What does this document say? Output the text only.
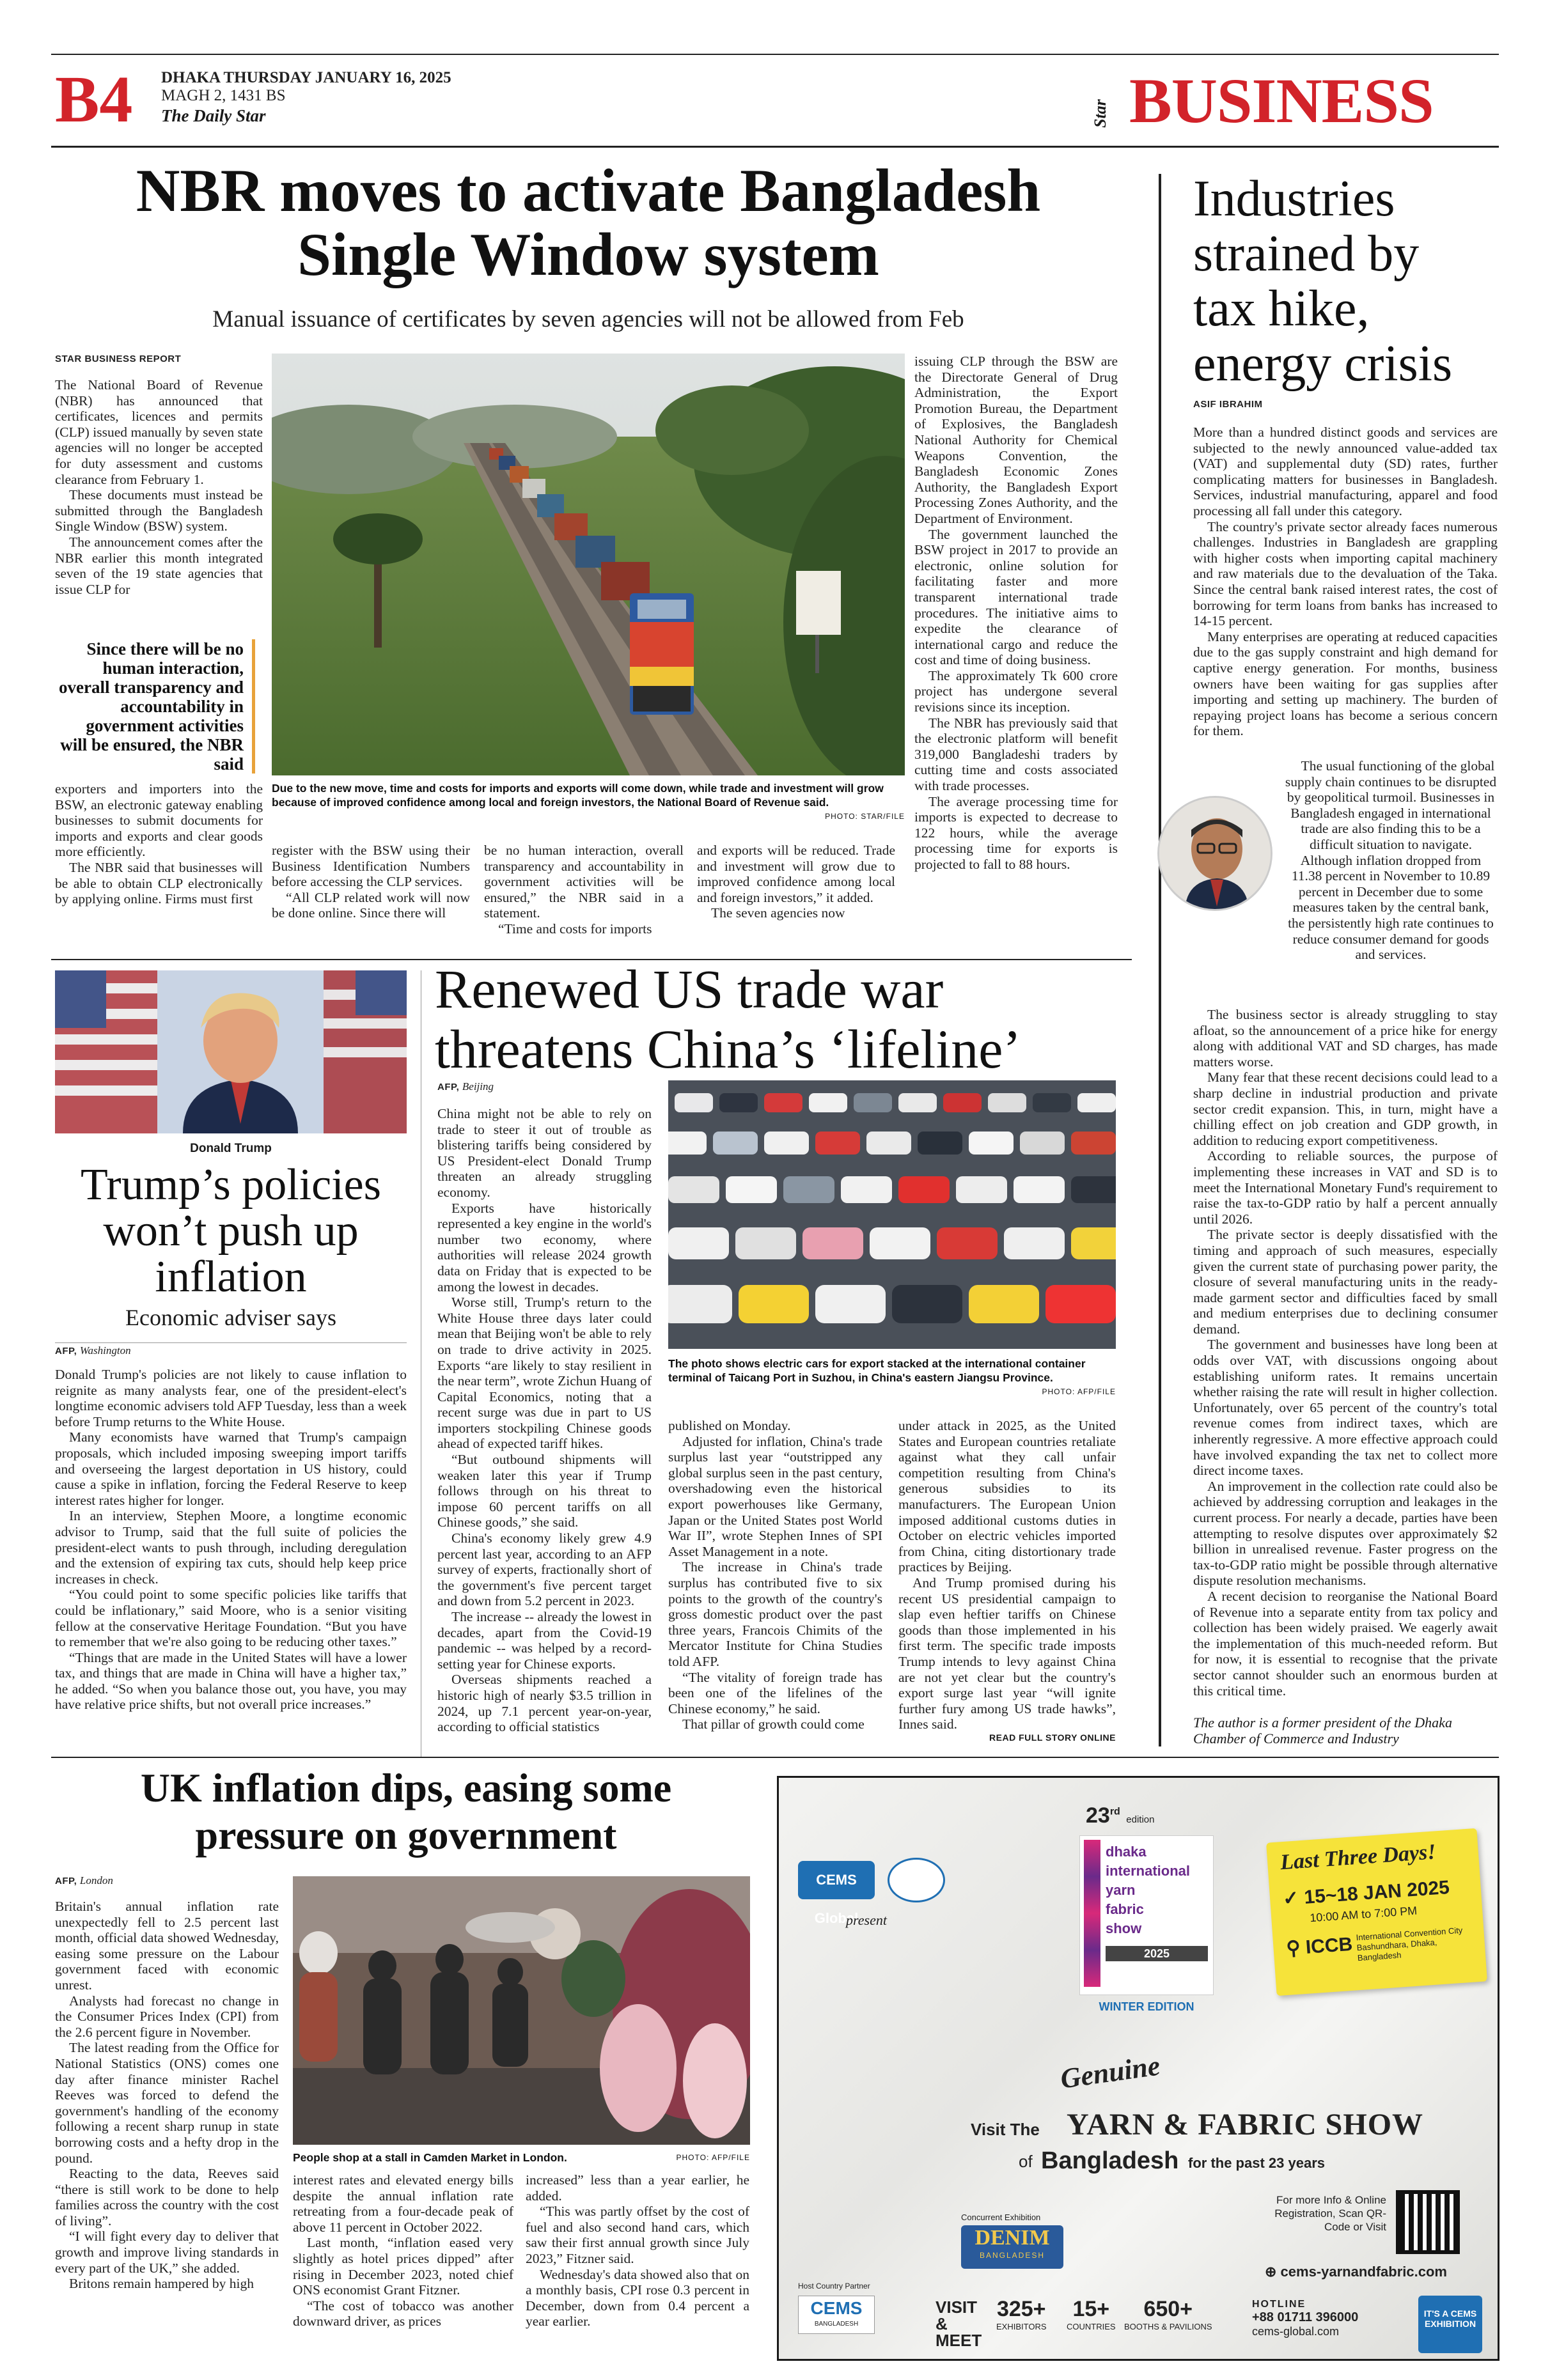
B4 DHAKA THURSDAY JANUARY 16, 2025
MAGH 2, 1431 BS
The Daily Star	Star BUSINESS
NBR moves to activate Bangladesh
Single Window system
Manual issuance of certificates by seven agencies will not be allowed from Feb
STAR BUSINESS REPORT

The National Board of Revenue (NBR) has announced that certificates, licences and permits (CLP) issued manually by seven state agencies will no longer be accepted for duty assessment and customs clearance from February 1.

These documents must instead be submitted through the Bangladesh Single Window (BSW) system.

The announcement comes after the NBR earlier this month integrated seven of the 19 state agencies that issue CLP for

Since there will be no human interaction, overall transparency and accountability in government activities will be ensured, the NBR said

exporters and importers into the BSW, an electronic gateway enabling businesses to submit documents for imports and exports and clear goods more efficiently.

The NBR said that businesses will be able to obtain CLP electronically by applying online. Firms must first

Due to the new move, time and costs for imports and exports will come down, while trade and investment will grow because of improved confidence among local and foreign investors, the National Board of Revenue said.
PHOTO: STAR/FILE

register with the BSW using their Business Identification Numbers before accessing the CLP services.

“All CLP related work will now be done online. Since there will

be no human interaction, overall transparency and accountability in government activities will be ensured,” the NBR said in a statement.

“Time and costs for imports

and exports will be reduced. Trade and investment will grow due to improved confidence among local and foreign investors,” it added.

The seven agencies now

issuing CLP through the BSW are the Directorate General of Drug Administration, the Export Promotion Bureau, the Department of Explosives, the Bangladesh National Authority for Chemical Weapons Convention, the Bangladesh Economic Zones Authority, the Bangladesh Export Processing Zones Authority, and the Department of Environment.

The government launched the BSW project in 2017 to provide an electronic, online solution for facilitating faster and more transparent international trade procedures. The initiative aims to expedite the clearance of international cargo and reduce the cost and time of doing business.

The approximately Tk 600 crore project has undergone several revisions since its inception.

The NBR has previously said that the electronic platform will benefit 319,000 Bangladeshi traders by cutting time and costs associated with trade processes.

The average processing time for imports is expected to decrease to 122 hours, while the average processing time for exports is projected to fall to 88 hours.

Industries strained by tax hike, energy crisis
ASIF IBRAHIM

More than a hundred distinct goods and services are subjected to the newly announced value-added tax (VAT) and supplemental duty (SD) rates, further complicating matters for businesses in Bangladesh. Services, industrial manufacturing, apparel and food processing all fall under this category.

The country's private sector already faces numerous challenges. Industries in Bangladesh are grappling with higher costs when importing capital machinery and raw materials due to the devaluation of the Taka. Since the central bank raised interest rates, the cost of borrowing for term loans from banks has increased to 14-15 percent.

Many enterprises are operating at reduced capacities due to the gas supply constraint and high demand for captive energy generation. For months, business owners have been waiting for gas supplies after importing and setting up machinery. The burden of repaying project loans has become a serious concern for them.

The usual functioning of the global supply chain continues to be disrupted by geopolitical turmoil. Businesses in Bangladesh engaged in international trade are also finding this to be a difficult situation to navigate. Although inflation dropped from 11.38 percent in November to 10.89 percent in December due to some measures taken by the central bank, the persistently high rate continues to reduce consumer demand for goods and services.

The business sector is already struggling to stay afloat, so the announcement of a price hike for energy along with additional VAT and SD charges, has made matters worse.

Many fear that these recent decisions could lead to a sharp decline in industrial production and private sector credit expansion. This, in turn, might have a chilling effect on job creation and GDP growth, in addition to reducing export competitiveness.

According to reliable sources, the purpose of implementing these increases in VAT and SD is to meet the International Monetary Fund's requirement to raise the tax-to-GDP ratio by half a percent annually until 2026.

The private sector is deeply dissatisfied with the timing and approach of such measures, especially given the current state of purchasing power parity, the closure of several manufacturing units in the ready-made garment sector and difficulties faced by small and medium enterprises due to declining consumer demand.

The government and businesses have long been at odds over VAT, with discussions ongoing about establishing uniform rates. It remains uncertain whether raising the rate will result in higher collection. Unfortunately, over 65 percent of the country's total revenue comes from indirect taxes, which are inherently regressive. A more effective approach could have involved expanding the tax net to collect more direct income taxes.

An improvement in the collection rate could also be achieved by addressing corruption and leakages in the current process. For nearly a decade, parties have been attempting to resolve disputes over approximately $2 billion in unrealised revenue. Faster progress on the tax-to-GDP ratio might be possible through alternative dispute resolution mechanisms.

A recent decision to reorganise the National Board of Revenue into a separate entity from tax policy and collection has been widely praised. We eagerly await the implementation of this much-needed reform. But for now, it is essential to recognise that the private sector cannot shoulder such an enormous burden at this critical time.

The author is a former president of the Dhaka Chamber of Commerce and Industry
Donald Trump
Trump’s policies won’t push up inflation
Economic adviser says
AFP, Washington

Donald Trump's policies are not likely to cause inflation to reignite as many analysts fear, one of the president-elect's longtime economic advisers told AFP Tuesday, less than a week before Trump returns to the White House.

Many economists have warned that Trump's campaign proposals, which included imposing sweeping import tariffs and overseeing the largest deportation in US history, could cause a spike in inflation, forcing the Federal Reserve to keep interest rates higher for longer.

In an interview, Stephen Moore, a longtime economic advisor to Trump, said that the full suite of policies the president-elect wants to push through, including deregulation and the extension of expiring tax cuts, should help keep price increases in check.

“You could point to some specific policies like tariffs that could be inflationary,” said Moore, who is a senior visiting fellow at the conservative Heritage Foundation. “But you have to remember that we're also going to be reducing other taxes.”

“Things that are made in the United States will have a lower tax, and things that are made in China will have a higher tax,” he added. “So when you balance those out, you have, you may have relative price shifts, but not overall price increases.”

Renewed US trade war
threatens China’s ‘lifeline’
AFP, Beijing

China might not be able to rely on trade to steer it out of trouble as blistering tariffs being considered by US President-elect Donald Trump threaten an already struggling economy.

Exports have historically represented a key engine in the world's number two economy, where authorities will release 2024 growth data on Friday that is expected to be among the lowest in decades.

Worse still, Trump's return to the White House three days later could mean that Beijing won't be able to rely on trade to drive activity in 2025. Exports “are likely to stay resilient in the near term”, wrote Zichun Huang of Capital Economics, noting that a recent surge was due in part to US importers stockpiling Chinese goods ahead of expected tariff hikes.

“But outbound shipments will weaken later this year if Trump follows through on his threat to impose 60 percent tariffs on all Chinese goods,” she said.

China's economy likely grew 4.9 percent last year, according to an AFP survey of experts, fractionally short of the government's five percent target and down from 5.2 percent in 2023.

The increase -- already the lowest in decades, apart from the Covid-19 pandemic -- was helped by a record-setting year for Chinese exports.

Overseas shipments reached a historic high of nearly $3.5 trillion in 2024, up 7.1 percent year-on-year, according to official statistics

The photo shows electric cars for export stacked at the international container terminal of Taicang Port in Suzhou, in China's eastern Jiangsu Province.
PHOTO: AFP/FILE

published on Monday.

Adjusted for inflation, China's trade surplus last year “outstripped any global surplus seen in the past century, overshadowing even the historical export powerhouses like Germany, Japan or the United States post World War II”, wrote Stephen Innes of SPI Asset Management in a note.

The increase in China's trade surplus has contributed five to six points to the growth of the country's gross domestic product over the past three years, Francois Chimits of the Mercator Institute for China Studies told AFP.

“The vitality of foreign trade has been one of the lifelines of the Chinese economy,” he said.

That pillar of growth could come

under attack in 2025, as the United States and European countries retaliate against what they call unfair competition resulting from China's generous subsidies to its manufacturers. The European Union imposed additional customs duties in October on electric vehicles imported from China, citing distortionary trade practices by Beijing.

And Trump promised during his recent US presidential campaign to slap even heftier tariffs on Chinese goods than those implemented in his first term. The specific trade imposts Trump intends to levy against China are not yet clear but the country's export surge last year “will ignite further fury among US trade hawks”, Innes said.

READ FULL STORY ONLINE
UK inflation dips, easing some
pressure on government
AFP, London

Britain's annual inflation rate unexpectedly fell to 2.5 percent last month, official data showed Wednesday, easing some pressure on the Labour government faced with economic unrest.

Analysts had forecast no change in the Consumer Prices Index (CPI) from the 2.6 percent figure in November.

The latest reading from the Office for National Statistics (ONS) comes one day after finance minister Rachel Reeves was forced to defend the government's handling of the economy following a recent sharp runup in state borrowing costs and a hefty drop in the pound.

Reacting to the data, Reeves said “there is still work to be done to help families across the country with the cost of living”.

“I will fight every day to deliver that growth and improve living standards in every part of the UK,” she added.

Britons remain hampered by high

People shop at a stall in Camden Market in London.	PHOTO: AFP/FILE

interest rates and elevated energy bills despite the annual inflation rate retreating from a four-decade peak of above 11 percent in October 2022.

Last month, “inflation eased very slightly as hotel prices dipped” after rising in December 2023, noted chief ONS economist Grant Fitzner.

“The cost of tobacco was another downward driver, as prices

increased” less than a year earlier, he added.

“This was partly offset by the cost of fuel and also second hand cars, which saw their first annual growth since July 2023,” Fitzner said.

Wednesday's data showed also that on a monthly basis, CPI rose 0.3 percent in December, down from 0.4 percent a year earlier.

CEMS Global
present
23rd edition
dhaka
international
yarn
fabric
show
2025
WINTER EDITION
Last Three Days!
✓ 15~18 JAN 2025
10:00 AM to 7:00 PM
⚲ ICCB International Convention City Bashundhara, Dhaka, Bangladesh
Genuine
Visit The YARN & FABRIC SHOW
of Bangladesh for the past 23 years
For more Info & Online Registration, Scan QR-Code or Visit
⊕ cems-yarnandfabric.com
Concurrent Exhibition
DENIM
BANGLADESH
Host Country Partner
CEMS
BANGLADESH
VISIT & MEET
325+
EXHIBITORS
15+
COUNTRIES
650+
BOOTHS & PAVILIONS
HOTLINE
+88 01711 396000
cems-global.com
IT'S A CEMS EXHIBITION
